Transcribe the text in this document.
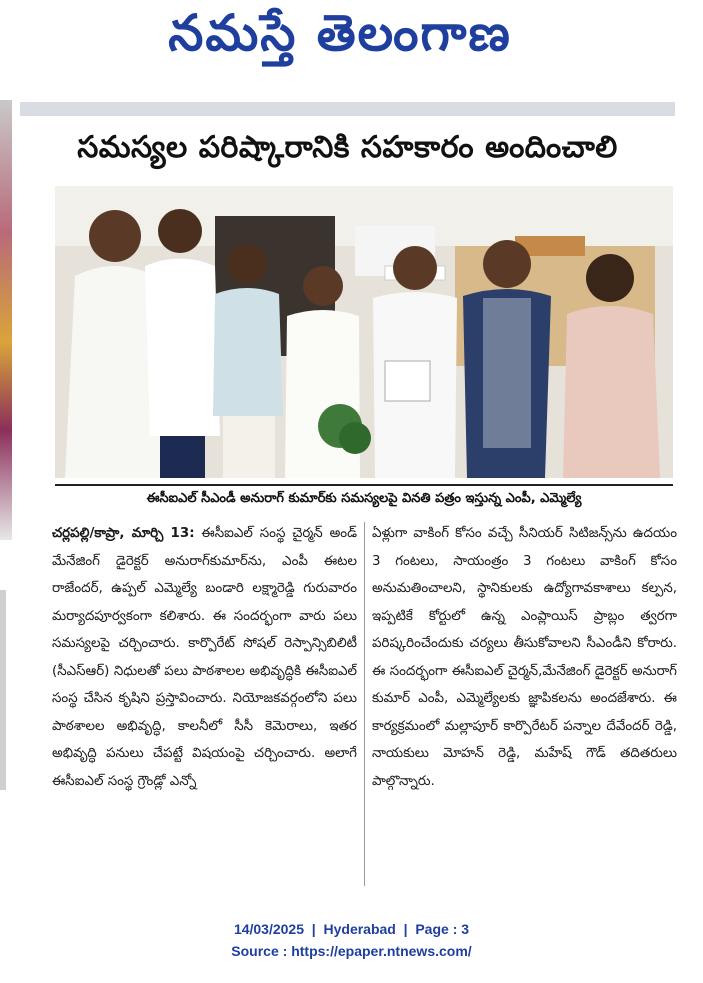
నమస్తే తెలంగాణ
సమస్యల పరిష్కారానికి సహకారం అందించాలి
ఈసీఐఎల్ సీఎండీ అనురాగ్ కుమార్‌కు సమస్యలపై వినతి పత్రం ఇస్తున్న ఎంపీ, ఎమ్మెల్యే

చర్లపల్లి/కాప్రా, మార్చి 13: ఈసీఐఎల్ సంస్థ చైర్మన్ అండ్ మేనేజింగ్ డైరెక్టర్ అనురాగ్‌కుమార్‌ను, ఎంపీ ఈటల రాజేందర్, ఉప్పల్ ఎమ్మెల్యే బండారి లక్ష్మారెడ్డి గురువారం మర్యాదపూర్వకంగా కలిశారు. ఈ సందర్భంగా వారు పలు సమస్యలపై చర్చించారు. కార్పొరేట్ సోషల్ రెస్పాన్సిబిలిటీ (సీఎస్ఆర్) నిధులతో పలు పాఠశాలల అభివృద్ధికి ఈసీఐఎల్ సంస్థ చేసిన కృషిని ప్రస్తావించారు. నియోజకవర్గంలోని పలు పాఠశాలల అభివృద్ధి, కాలనీలో సీసీ కెమెరాలు, ఇతర అభివృద్ధి పనులు చేపట్టే విషయంపై చర్చించారు. అలాగే ఈసీఐఎల్ సంస్థ గ్రౌండ్లో ఎన్నో

ఏళ్లుగా వాకింగ్ కోసం వచ్చే సీనియర్ సిటిజన్స్‌ను ఉదయం 3 గంటలు, సాయంత్రం 3 గంటలు వాకింగ్ కోసం అనుమతించాలని, స్థానికులకు ఉద్యోగావకాశాలు కల్పన, ఇప్పటికే కోర్టులో ఉన్న ఎంప్లాయిస్ ప్రాబ్లం త్వరగా పరిష్కరించేందుకు చర్యలు తీసుకోవాలని సీఎండీని కోరారు. ఈ సందర్భంగా ఈసీఐఎల్ చైర్మన్,మేనేజింగ్ డైరెక్టర్ అనురాగ్ కుమార్ ఎంపీ, ఎమ్మెల్యేలకు జ్ఞాపికలను అందజేశారు. ఈ కార్యక్రమంలో మల్లాపూర్ కార్పొరేటర్ పన్నాల దేవేందర్ రెడ్డి, నాయకులు మోహన్ రెడ్డి, మహేష్ గౌడ్ తదితరులు పాల్గొన్నారు.

14/03/2025  |  Hyderabad  |  Page : 3
Source : https://epaper.ntnews.com/
